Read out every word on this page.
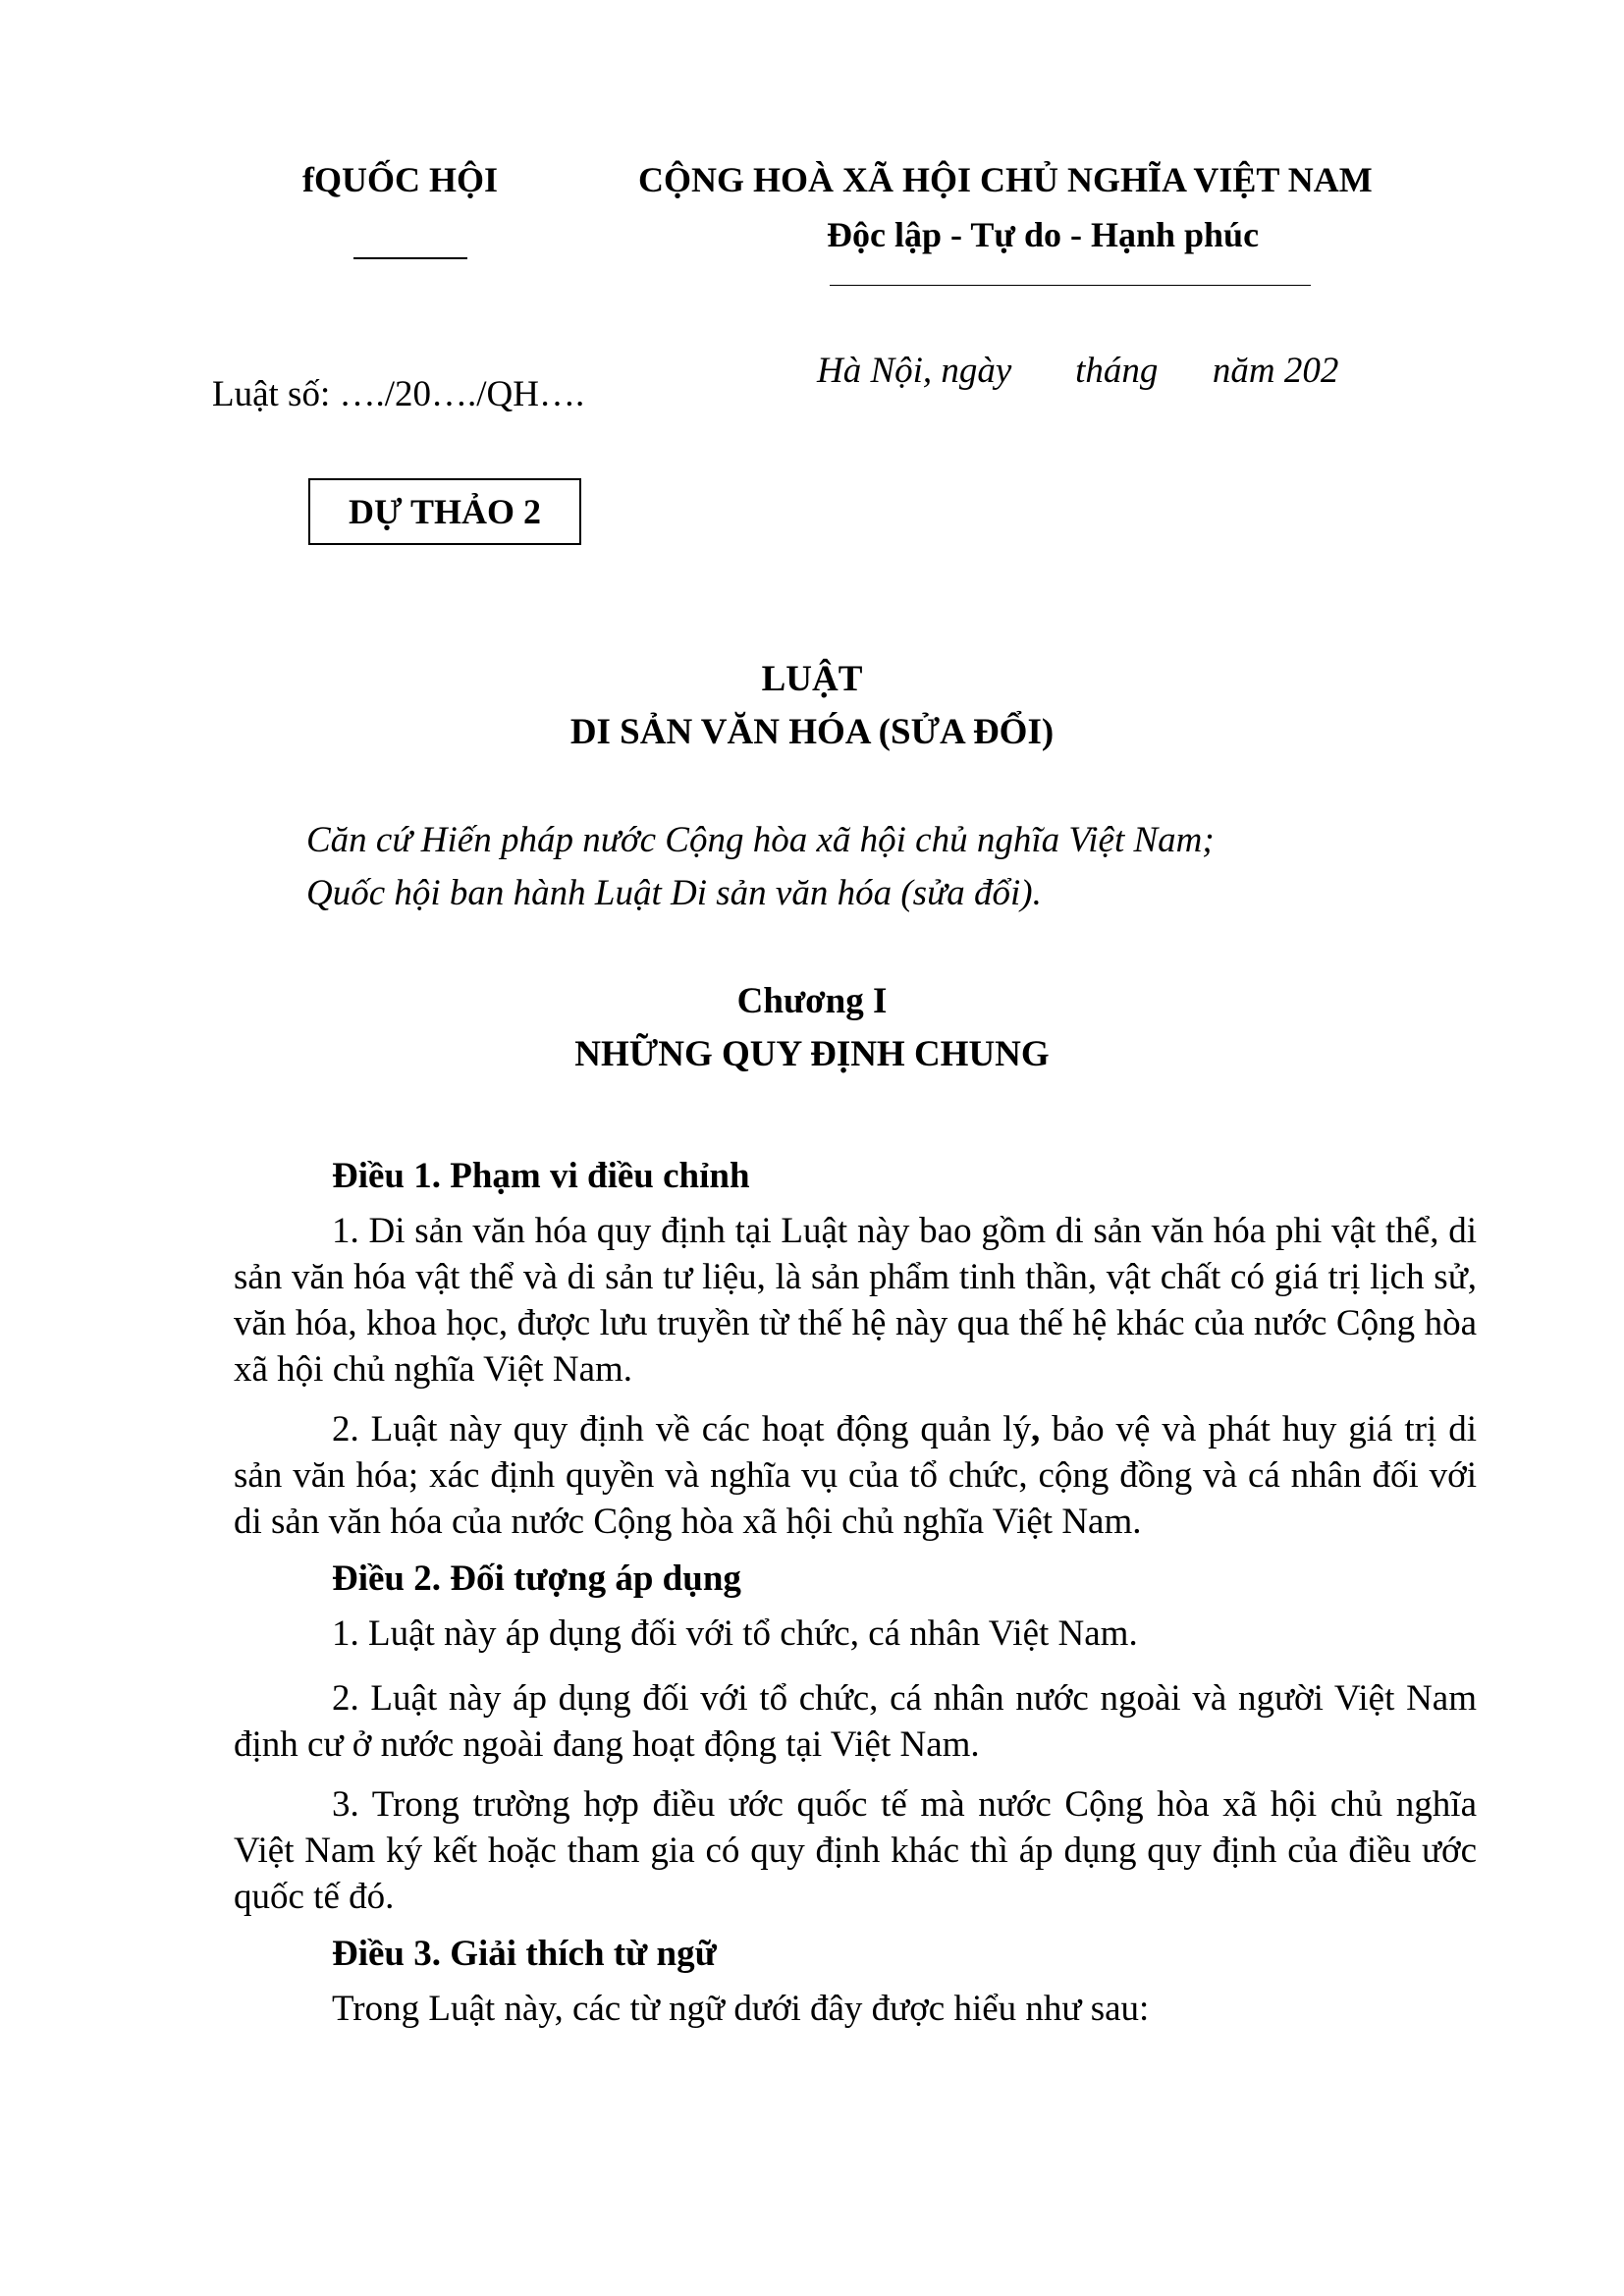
fQUỐC HỘI	CỘNG HOÀ XÃ HỘI CHỦ NGHĨA VIỆT NAM
Độc lập - Tự do - Hạnh phúc
Luật số: …./20…./QH….
Hà Nội, ngày       tháng      năm 202
DỰ THẢO 2
LUẬT
DI SẢN VĂN HÓA (SỬA ĐỔI)
Căn cứ Hiến pháp nước Cộng hòa xã hội chủ nghĩa Việt Nam;
Quốc hội ban hành Luật Di sản văn hóa (sửa đổi).
Chương I
NHỮNG QUY ĐỊNH CHUNG
Điều 1. Phạm vi điều chỉnh
1. Di sản văn hóa quy định tại Luật này bao gồm di sản văn hóa phi vật thể, di sản văn hóa vật thể và di sản tư liệu, là sản phẩm tinh thần, vật chất có giá trị lịch sử, văn hóa, khoa học, được lưu truyền từ thế hệ này qua thế hệ khác của nước Cộng hòa xã hội chủ nghĩa Việt Nam.
2. Luật này quy định về các hoạt động quản lý, bảo vệ và phát huy giá trị di sản văn hóa; xác định quyền và nghĩa vụ của tổ chức, cộng đồng và cá nhân đối với di sản văn hóa của nước Cộng hòa xã hội chủ nghĩa Việt Nam.
Điều 2. Đối tượng áp dụng
1. Luật này áp dụng đối với tổ chức, cá nhân Việt Nam.
2. Luật này áp dụng đối với tổ chức, cá nhân nước ngoài và người Việt Nam định cư ở nước ngoài đang hoạt động tại Việt Nam.
3. Trong trường hợp điều ước quốc tế mà nước Cộng hòa xã hội chủ nghĩa Việt Nam ký kết hoặc tham gia có quy định khác thì áp dụng quy định của điều ước quốc tế đó.
Điều 3. Giải thích từ ngữ
Trong Luật này, các từ ngữ dưới đây được hiểu như sau:
